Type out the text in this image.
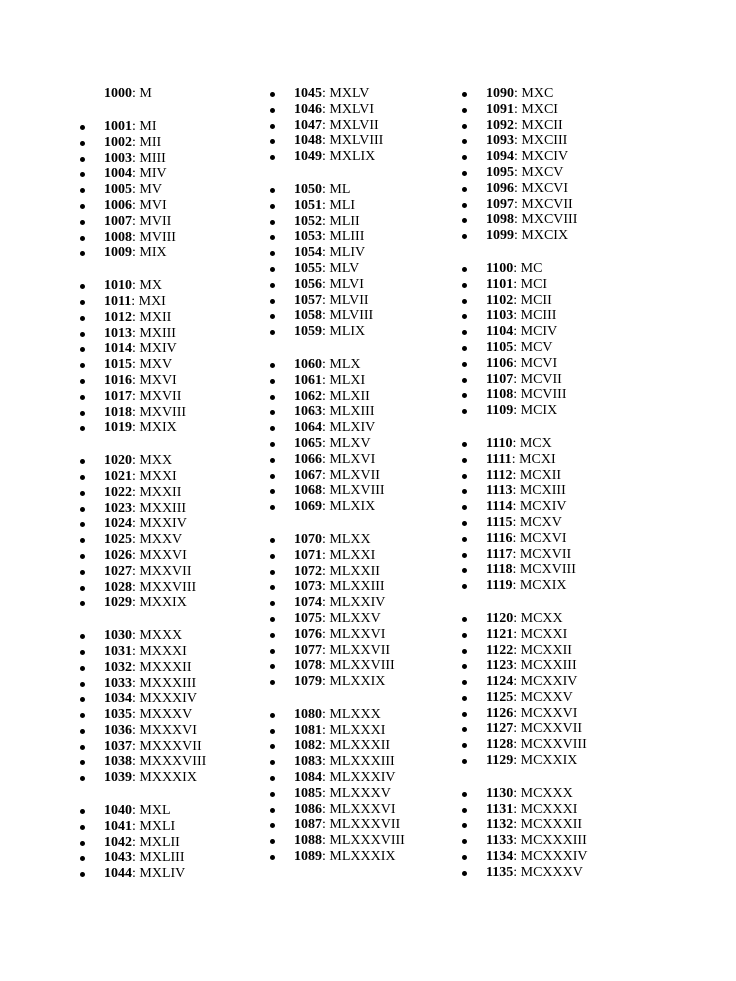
1000: M
1001: MI
1002: MII
1003: MIII
1004: MIV
1005: MV
1006: MVI
1007: MVII
1008: MVIII
1009: MIX
1010: MX
1011: MXI
1012: MXII
1013: MXIII
1014: MXIV
1015: MXV
1016: MXVI
1017: MXVII
1018: MXVIII
1019: MXIX
1020: MXX
1021: MXXI
1022: MXXII
1023: MXXIII
1024: MXXIV
1025: MXXV
1026: MXXVI
1027: MXXVII
1028: MXXVIII
1029: MXXIX
1030: MXXX
1031: MXXXI
1032: MXXXII
1033: MXXXIII
1034: MXXXIV
1035: MXXXV
1036: MXXXVI
1037: MXXXVII
1038: MXXXVIII
1039: MXXXIX
1040: MXL
1041: MXLI
1042: MXLII
1043: MXLIII
1044: MXLIV
1045: MXLV
1046: MXLVI
1047: MXLVII
1048: MXLVIII
1049: MXLIX
1050: ML
1051: MLI
1052: MLII
1053: MLIII
1054: MLIV
1055: MLV
1056: MLVI
1057: MLVII
1058: MLVIII
1059: MLIX
1060: MLX
1061: MLXI
1062: MLXII
1063: MLXIII
1064: MLXIV
1065: MLXV
1066: MLXVI
1067: MLXVII
1068: MLXVIII
1069: MLXIX
1070: MLXX
1071: MLXXI
1072: MLXXII
1073: MLXXIII
1074: MLXXIV
1075: MLXXV
1076: MLXXVI
1077: MLXXVII
1078: MLXXVIII
1079: MLXXIX
1080: MLXXX
1081: MLXXXI
1082: MLXXXII
1083: MLXXXIII
1084: MLXXXIV
1085: MLXXXV
1086: MLXXXVI
1087: MLXXXVII
1088: MLXXXVIII
1089: MLXXXIX
1090: MXC
1091: MXCI
1092: MXCII
1093: MXCIII
1094: MXCIV
1095: MXCV
1096: MXCVI
1097: MXCVII
1098: MXCVIII
1099: MXCIX
1100: MC
1101: MCI
1102: MCII
1103: MCIII
1104: MCIV
1105: MCV
1106: MCVI
1107: MCVII
1108: MCVIII
1109: MCIX
1110: MCX
1111: MCXI
1112: MCXII
1113: MCXIII
1114: MCXIV
1115: MCXV
1116: MCXVI
1117: MCXVII
1118: MCXVIII
1119: MCXIX
1120: MCXX
1121: MCXXI
1122: MCXXII
1123: MCXXIII
1124: MCXXIV
1125: MCXXV
1126: MCXXVI
1127: MCXXVII
1128: MCXXVIII
1129: MCXXIX
1130: MCXXX
1131: MCXXXI
1132: MCXXXII
1133: MCXXXIII
1134: MCXXXIV
1135: MCXXXV
